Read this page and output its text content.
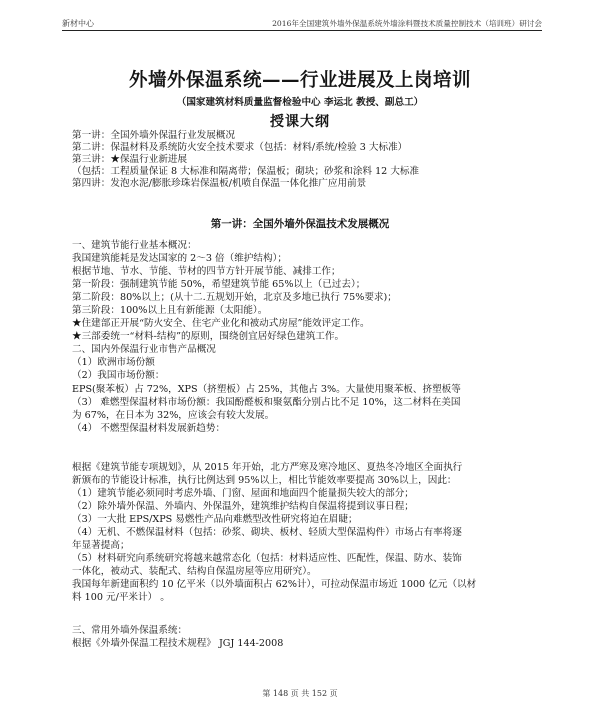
新材中心	2016年全国建筑外墙外保温系统外墙涂料暨技术质量控制技术（培训班）研讨会
外墙外保温系统——行业进展及上岗培训
（国家建筑材料质量监督检验中心 李运北 教授、副总工）
授课大纲
第一讲：全国外墙外保温行业发展概况
第二讲：保温材料及系统防火安全技术要求（包括：材料/系统/检验 3 大标准）
第三讲：★保温行业新进展
（包括：工程质量保证 8 大标准和隔离带；保温板；砌块；砂浆和涂料 12 大标准
第四讲：发泡水泥/膨胀珍珠岩保温板/机喷自保温一体化推广应用前景
第一讲：全国外墙外保温技术发展概况
一、建筑节能行业基本概况：
我国建筑能耗是发达国家的 2～3 倍（维护结构）；
根据节地、节水、节能、节材的四节方针开展节能、减排工作；
第一阶段：强制建筑节能 50%，希望建筑节能 65%以上（已过去）；
第二阶段：80%以上；(从十二.五规划开始，北京及多地已执行 75%要求)；
第三阶段：100%以上且有新能源（太阳能）。
★住建部正开展“防火安全、住宅产业化和被动式房屋”能效评定工作。
★三部委统一“材料-结构”的原则，围绕创宜居好绿色建筑工作。
二、国内外保温行业市售产品概况
（1）欧洲市场份额
（2）我国市场份额：
EPS(聚苯板）占 72%，XPS（挤塑板）占 25%，其他占 3%。大量使用聚苯板、挤塑板等
（3） 难燃型保温材料市场份额：我国酚醛板和聚氨酯分别占比不足 10%，这二材料在美国
为 67%，在日本为 32%，应该会有较大发展。
（4） 不燃型保温材料发展新趋势：
根据《建筑节能专项规划》，从 2015 年开始，北方严寒及寒冷地区、夏热冬冷地区全面执行
新颁布的节能设计标准，执行比例达到 95%以上，相比节能效率要提高 30%以上，因此：
（1）建筑节能必须同时考虑外墙、门窗、屋面和地面四个能量损失较大的部分；
（2）除外墙外保温、外墙内、外保温外，建筑维护结构自保温将提到议事日程；
（3）一大批 EPS/XPS 易燃性产品向难燃型改性研究将迫在眉睫；
（4）无机、不燃保温材料（包括：砂浆、砌块、板材、轻质大型保温构件）市场占有率将逐
年显著提高；
（5）材料研究向系统研究将越来越常态化（包括：材料适应性、匹配性，保温、防水、装饰
一体化，被动式、装配式、结构自保温房屋等应用研究）。
我国每年新建面积约 10 亿平米（以外墙面积占 62%计），可拉动保温市场近 1000 亿元（以材
料 100 元/平米计） 。
三、常用外墙外保温系统：
根据《外墙外保温工程技术规程》 JGJ 144-2008
第 148 页 共 152 页
